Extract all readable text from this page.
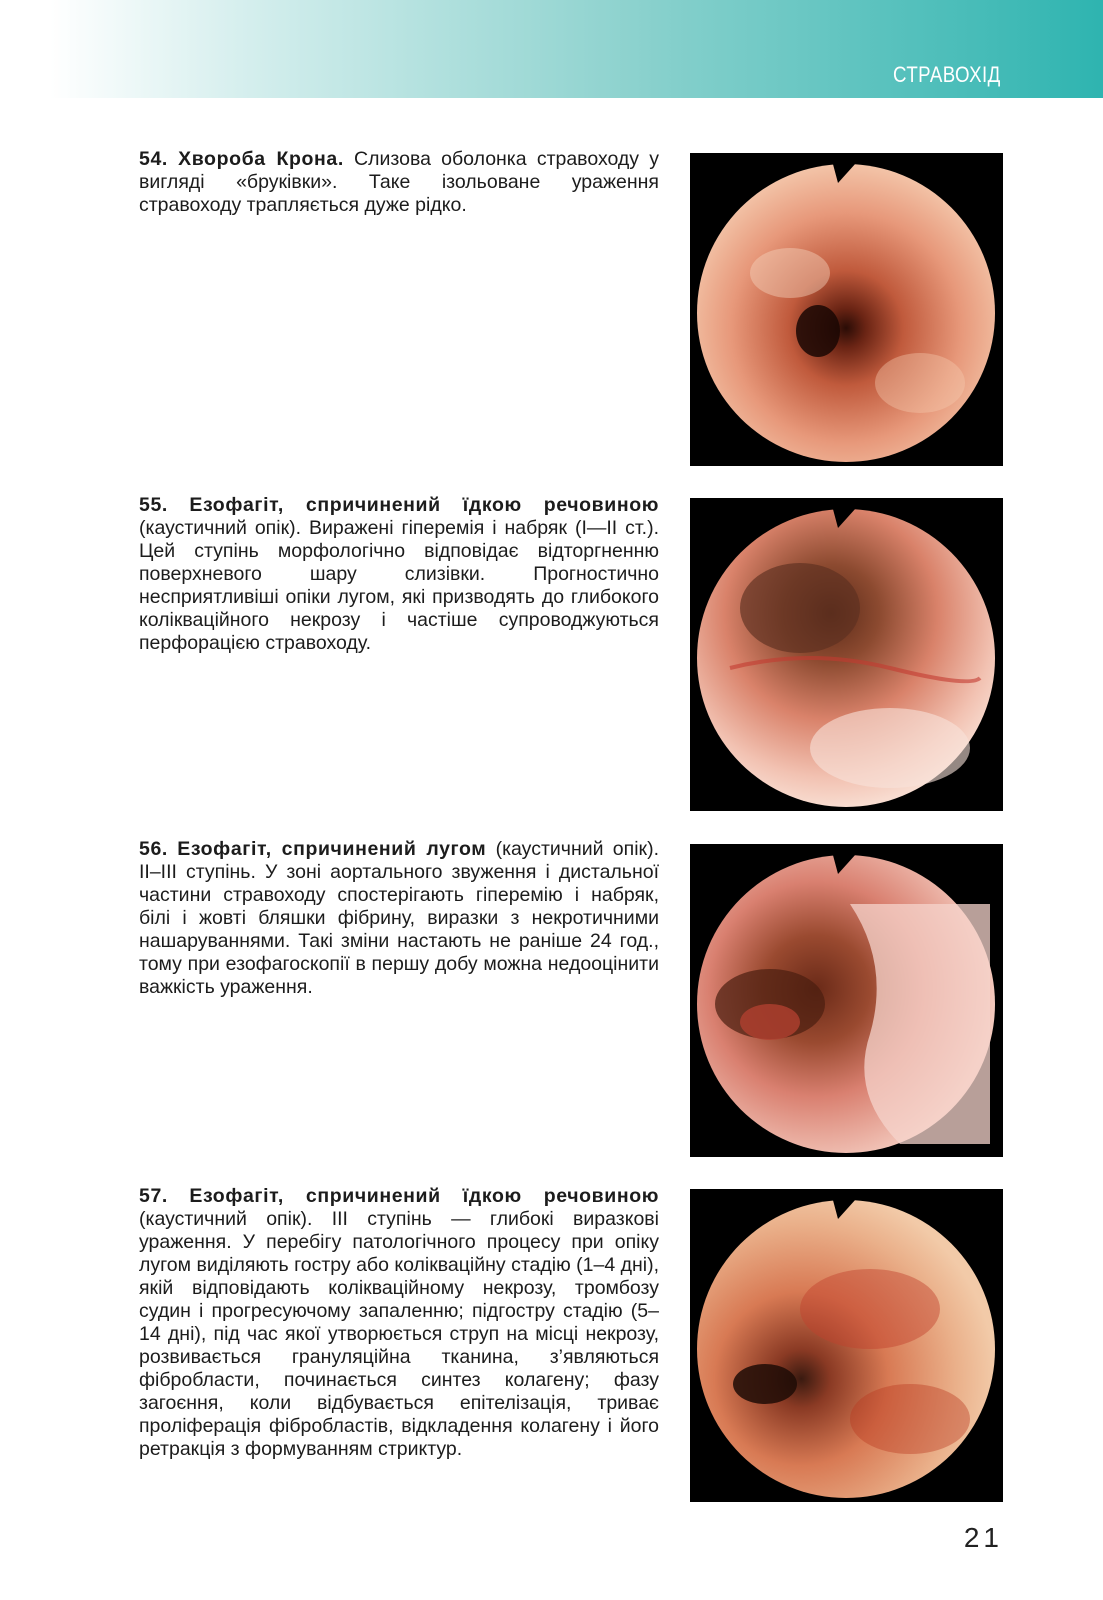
СТРАВОХІД

54. Хвороба Крона. Слизова оболонка стравоходу у вигляді «бруківки». Таке ізольоване ураження стравоходу трапляється дуже рідко.

55. Езофагіт, спричинений їдкою речовиною (каустичний опік). Виражені гіперемія і набряк (I—II ст.). Цей ступінь морфологічно відповідає відторгненню поверхневого шару слизівки. Прогностично несприятливіші опіки лугом, які призводять до глибокого коліквацiйного некрозу і частіше супроводжуються перфорацією стравоходу.

56. Езофагіт, спричинений лугом (каустичний опік). II–III ступінь. У зоні аортального звуження і дистальної частини стравоходу спостерігають гіперемію і набряк, білі і жовті бляшки фібрину, виразки з некротичними нашаруваннями. Такі зміни настають не раніше 24 год., тому при езофагоскопії в першу добу можна недооцінити важкість ураження.

57. Езофагіт, спричинений їдкою речовиною (каустичний опік). III ступінь — глибокі виразкові ураження. У перебігу патологічного процесу при опіку лугом виділяють гостру або коліквацiйну стадію (1–4 дні), якій відповідають коліквацiйному некрозу, тромбозу судин і прогресуючому запаленню; підгостру стадію (5–14 днi), під час якої утворюється струп на місці некрозу, розвивається грануляційна тканина, з’являються фібробласти, починається синтез колагену; фазу загоєння, коли відбувається епітелізація, триває проліферація фібробластів, відкладення колагену і його ретракція з формуванням стриктур.

21
